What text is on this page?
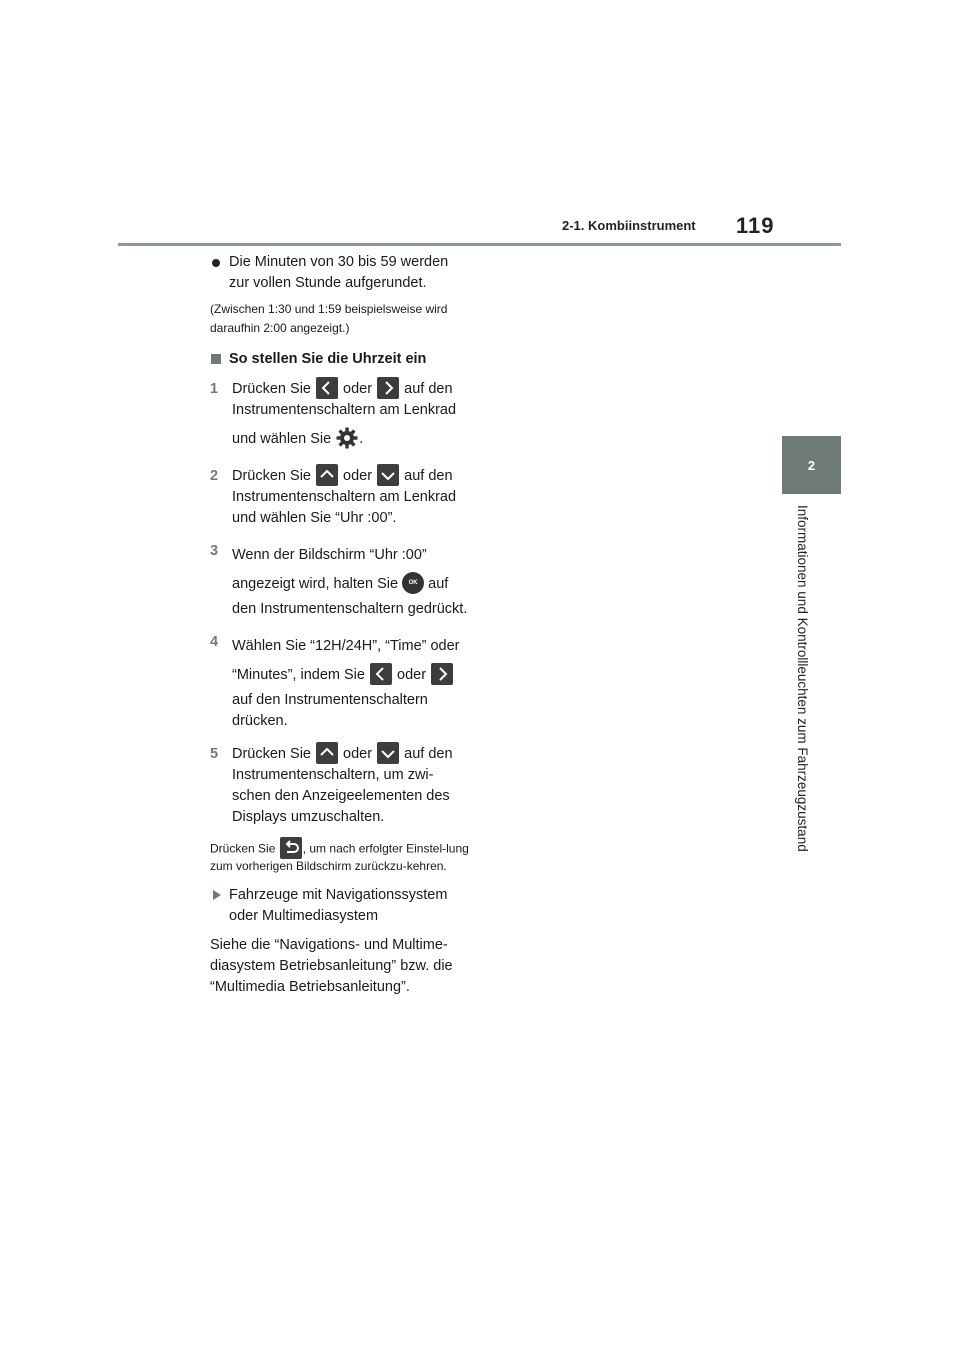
2-1. Kombiinstrument 119
2
Informationen und Kontrollleuchten zum Fahrzeugzustand
Die Minuten von 30 bis 59 werden zur vollen Stunde aufgerundet.
(Zwischen 1:30 und 1:59 beispielsweise wird daraufhin 2:00 angezeigt.)
So stellen Sie die Uhrzeit ein
1 Drücken Sie oder auf den Instrumentenschaltern am Lenkrad
und wählen Sie .
2 Drücken Sie oder auf den Instrumentenschaltern am Lenkrad und wählen Sie “Uhr :00”.
3 Wenn der Bildschirm “Uhr :00” angezeigt wird, halten Sie OK auf den Instrumentenschaltern gedrückt.
4 Wählen Sie “12H/24H”, “Time” oder “Minutes”, indem Sie oder
auf den Instrumentenschaltern drücken.
5 Drücken Sie oder auf den Instrumentenschaltern, um zwi-schen den Anzeigeelementen des Displays umzuschalten.
Drücken Sie , um nach erfolgter Einstel-lung zum vorherigen Bildschirm zurückzu-kehren.
Fahrzeuge mit Navigationssystem oder Multimediasystem
Siehe die “Navigations- und Multime-diasystem Betriebsanleitung” bzw. die “Multimedia Betriebsanleitung”.
